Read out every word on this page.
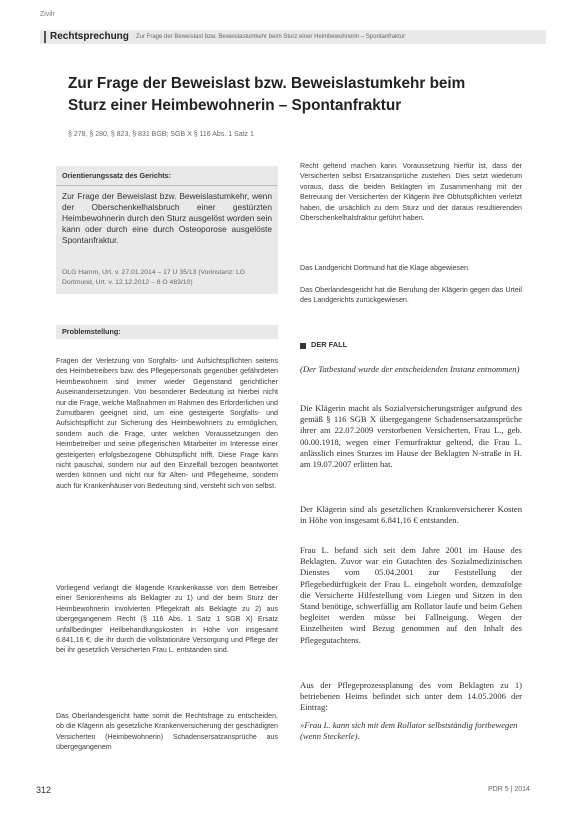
Zivilr
Rechtsprechung Zur Frage der Beweislast bzw. Beweislastumkehr beim Sturz einer Heimbewohnerin – Spontanfraktur
Zur Frage der Beweislast bzw. Beweislastumkehr beim
Sturz einer Heimbewohnerin – Spontanfraktur
§ 278, § 280, § 823, § 831 BGB; SGB X § 116 Abs. 1 Satz 1
Orientierungssatz des Gerichts:

Zur Frage der Beweislast bzw. Beweislastumkehr, wenn der Oberschenkelhalsbruch einer gestürzten Heimbewohnerin durch den Sturz ausgelöst worden sein kann oder durch eine durch Osteoporose ausgelöste Spontanfraktur.

OLG Hamm, Urt. v. 27.01.2014 – 17 U 35/13 (Vorinstanz: LG Dortmund, Urt. v. 12.12.2012 – 8 O 483/10)

Problemstellung:

Fragen der Verletzung von Sorgfalts- und Aufsichtspflichten seitens des Heimbetreibers bzw. des Pflegepersonals gegenüber gefährdeten Heimbewohnern sind immer wieder Gegenstand gerichtlicher Auseinandersetzungen. Von besonderer Bedeutung ist hierbei nicht nur die Frage, welche Maßnahmen im Rahmen des Erforderlichen und Zumutbaren geeignet sind, um eine gesteigerte Sorgfalts- und Aufsichtspflicht zur Sicherung des Heimbewohners zu ermöglichen, sondern auch die Frage, unter welchen Voraussetzungen den Heimbetreiber und seine pflegerischen Mitarbeiter im Interesse einer gesteigerten erfolgsbezogene Obhutspflicht trifft. Diese Frage kann nicht pauschal, sondern nur auf den Einzelfall bezogen beantwortet werden können und nicht nur für Alten- und Pflegeheime, sondern auch für Krankenhäuser von Bedeutung sind, versteht sich von selbst.

Vorliegend verlangt die klagende Krankenkasse von dem Betreiber einer Seniorenheims als Beklagter zu 1) und der beim Sturz der Heimbewohnerin involvierten Pflegekraft als Beklagte zu 2) aus übergegangenem Recht (§ 116 Abs. 1 Satz 1 SGB X) Ersatz unfallbedingter Heilbehandlungskosten in Höhe von insgesamt 6.841,16 €, die ihr durch die vollstationäre Versorgung und Pflege der bei ihr gesetzlich Versicherten Frau L. entstanden sind.

Das Oberlandesgericht hatte somit die Rechtsfrage zu entscheiden, ob die Klägerin als gesetzliche Krankenversicherung der geschädigten Versicherten (Heimbewohnerin) Schadensersatzansprüche aus übergegangenem

Recht geltend machen kann. Voraussetzung hierfür ist, dass der Versicherten selbst Ersatzansprüche zustehen. Dies setzt wiederum voraus, dass die beiden Beklagten im Zusammenhang mit der Betreuung der Versicherten der Klägerin ihre Obhutspflichten verletzt haben, die ursächlich zu dem Sturz und der daraus resultierenden Oberschenkelhalsfraktur geführt haben.

Das Landgericht Dortmund hat die Klage abgewiesen.

Das Oberlandesgericht hat die Berufung der Klägerin gegen das Urteil des Landgerichts zurückgewiesen.

DER FALL

(Der Tatbestand wurde der entscheidenden Instanz entnommen)

Die Klägerin macht als Sozialversicherungsträger aufgrund des gemäß § 116 SGB X übergegangene Schadensersatzansprüche ihrer am 22.07.2009 verstorbenen Versicherten, Frau L., geb. 00.00.1918, wegen einer Femurfraktur geltend, die Frau L. anlässlich eines Sturzes im Hause der Beklagten N-straße in H. am 19.07.2007 erlitten hat.

Der Klägerin sind als gesetzlichen Krankenversicherer Kosten in Höhe von insgesamt 6.841,16 € entstanden.

Frau L. befand sich seit dem Jahre 2001 im Hause des Beklagten. Zuvor war ein Gutachten des Sozialmedizinischen Dienstes vom 05.04.2001 zur Feststellung der Pflegebedürftigkeit der Frau L. eingeholt worden, demzufolge die Versicherte Hilfestellung vom Liegen und Sitzen in den Stand benötige, schwerfällig am Rollator laufe und beim Gehen begleitet werden müsse bei Fallneigung. Wegen der Einzelheiten wird Bezug genommen auf den Inhalt des Pflegegutachtens.

Aus der Pflegeprozessplanung des vom Beklagten zu 1) betriebenen Heims befindet sich unter dem 14.05.2006 der Eintrag:

»Frau L. kann sich mit dem Rollator selbstständig fortbewegen (wenn Steckerle).

312	PDR 5 | 2014
